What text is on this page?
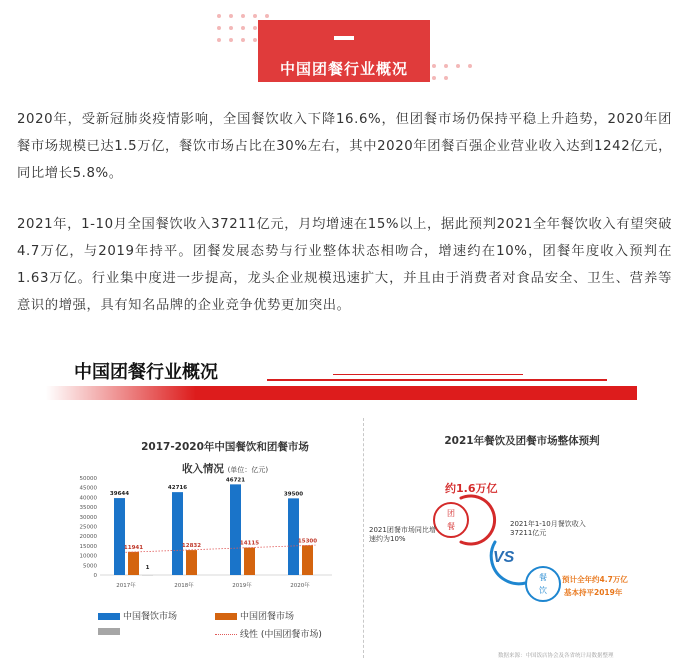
中国团餐行业概况
2020年，受新冠肺炎疫情影响，全国餐饮收入下降16.6%，但团餐市场仍保持平稳上升趋势，2020年团餐市场规模已达1.5万亿，餐饮市场占比在30%左右，其中2020年团餐百强企业营业收入达到1242亿元，同比增长5.8%。
2021年，1-10月全国餐饮收入37211亿元，月均增速在15%以上，据此预判2021全年餐饮收入有望突破4.7万亿，与2019年持平。团餐发展态势与行业整体状态相吻合，增速约在10%，团餐年度收入预判在1.63万亿。行业集中度进一步提高，龙头企业规模迅速扩大，并且由于消费者对食品安全、卫生、营养等意识的增强，具有知名品牌的企业竞争优势更加突出。
中国团餐行业概况
2017-2020年中国餐饮和团餐市场
收入情况 (单位：亿元)
0
5000
10000
15000
20000
25000
30000
35000
40000
45000
50000
39644
11941
1
2017年
42716
12832
2018年
46721
14115
2019年
39500
15300
2020年
中国餐饮市场	中国团餐市场
线性 (中国团餐市场)
2021年餐饮及团餐市场整体预判
VS
约1.6万亿
团
餐
餐
饮
2021团餐市场同比增速约为10%
2021年1-10月餐饮收入37211亿元
预计全年约4.7万亿
基本持平2019年
数据来源：中国饭店协会及各省统计局数据整理
